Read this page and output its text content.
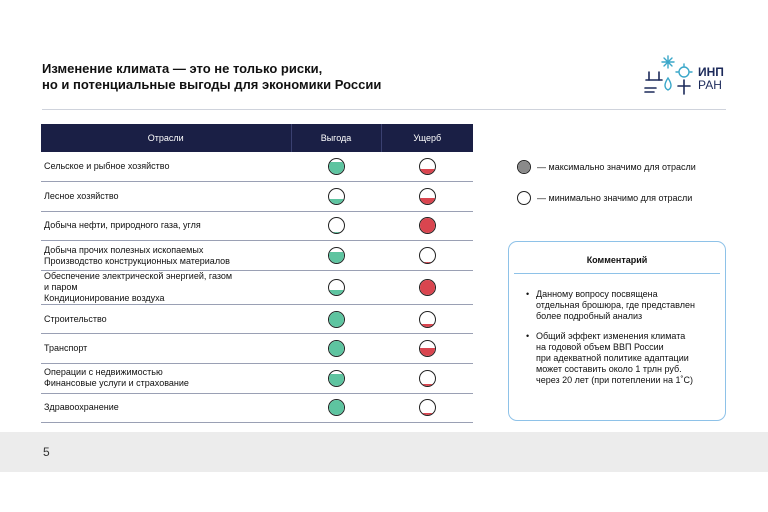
Изменение климата — это не только риски,
но и потенциальные выгоды для экономики России
ИНП
РАН
Отрасли	Выгода	Ущерб

Сельское и рыбное хозяйство		

Лесное хозяйство		

Добыча нефти, природного газа, угля		

Добыча прочих полезных ископаемых
Производство конструкционных материалов		

Обеспечение электрической энергией, газом
и паром
Кондиционирование воздуха		

Строительство		

Транспорт		

Операции с недвижимостью
Финансовые услуги и страхование		

Здравоохранение		

— максимально значимо для отрасли
— минимально значимо для отрасли
Комментарий
• Данному вопросу посвящена
отдельная брошюра, где представлен
более подробный анализ
• Общий эффект изменения климата
на годовой объем ВВП России
при адекватной политике адаптации
может составить около 1 трлн руб.
через 20 лет (при потеплении на 1˚С)
5
